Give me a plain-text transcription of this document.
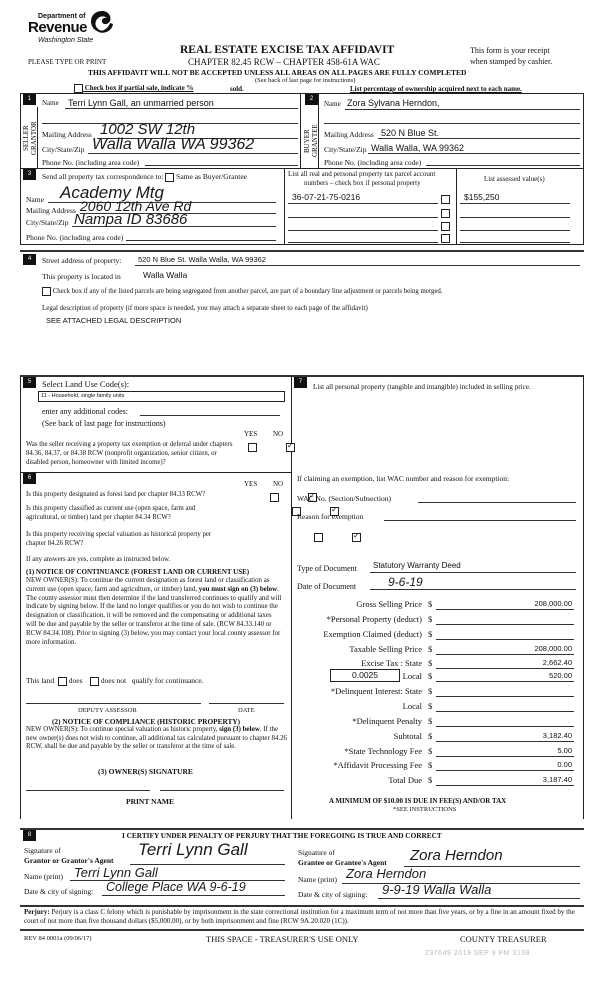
Department of
Revenue
Washington State
REAL ESTATE EXCISE TAX AFFIDAVIT
CHAPTER 82.45 RCW – CHAPTER 458-61A WAC
PLEASE TYPE OR PRINT
This form is your receipt
when stamped by cashier.
THIS AFFIDAVIT WILL NOT BE ACCEPTED UNLESS ALL AREAS ON ALL PAGES ARE FULLY COMPLETED
(See back of last page for instructions)
Check box if partial sale, indicate %	sold.	List percentage of ownership acquired next to each name.
1
SELLER GRANTOR
Name Terri Lynn Gall, an unmarried person
Mailing Address 1002 SW 12th
City/State/Zip Walla Walla WA 99362
Phone No. (including area code)
2
BUYER GRANTEE
Name Zora Sylvana Herndon,
Mailing Address 520 N Blue St.
City/State/Zip Walla Walla, WA 99362
Phone No. (including area code)
3	Send all property tax correspondence to: Same as Buyer/Grantee
Name Academy Mtg
Mailing Address 2060 12th Ave Rd
City/State/Zip Nampa ID 83686
Phone No. (including area code)
List all real and personal property tax parcel account
numbers – check box if personal property	List assessed value(s)
36-07-21-75-0216	$155,250
4	Street address of property: 520 N Blue St. Walla Walla, WA 99362
This property is located in	Walla Walla
Check box if any of the listed parcels are being segregated from another parcel, are part of a boundary line adjustment or parcels being merged.
Legal description of property (if more space is needed, you may attach a separate sheet to each page of the affidavit)
SEE ATTACHED LEGAL DESCRIPTION
5	Select Land Use Code(s):
11 - Household, single family units
enter any additional codes:
(See back of last page for instructions)
YES NO
Was the seller receiving a property tax exemption or deferral under chapters 84.36, 84.37, or 84.38 RCW (nonprofit organization, senior citizen, or disabled person, homeowner with limited income)?
✓
6
YES NO
Is this property designated as forest land per chapter 84.33 RCW?
✓
Is this property classified as current use (open space, farm and agricultural, or timber) land per chapter 84.34 RCW?
✓
Is this property receiving special valuation as historical property per chapter 84.26 RCW?
✓
If any answers are yes, complete as instructed below.
(1) NOTICE OF CONTINUANCE (FOREST LAND OR CURRENT USE)
NEW OWNER(S): To continue the current designation as forest land or classification as current use (open space, farm and agriculture, or timber) land, you must sign on (3) below. The county assessor must then determine if the land transferred continues to qualify and will indicate by signing below. If the land no longer qualifies or you do not wish to continue the designation or classification, it will be removed and the compensating or additional taxes will be due and payable by the seller or transferor at the time of sale. (RCW 84.33.140 or RCW 84.34.108). Prior to signing (3) below, you may contact your local county assessor for more information.
This land does does not qualify for continuance.
DEPUTY ASSESSOR	DATE
(2) NOTICE OF COMPLIANCE (HISTORIC PROPERTY)
NEW OWNER(S): To continue special valuation as historic property, sign (3) below. If the new owner(s) does not wish to continue, all additional tax calculated pursuant to chapter 84.26 RCW, shall be due and payable by the seller or transferor at the time of sale.
(3) OWNER(S) SIGNATURE
PRINT NAME
7
List all personal property (tangible and intangible) included in selling price.
If claiming an exemption, list WAC number and reason for exemption:
WAC No. (Section/Subsection)
Reason for exemption
Type of Document Statutory Warranty Deed
Date of Document	9-6-19
Gross Selling Price $	208,000.00
*Personal Property (deduct) $
Exemption Claimed (deduct) $
Taxable Selling Price $	208,000.00
Excise Tax : State $	2,662.40
0.0025	Local $	520.00
*Delinquent Interest: State $
Local $
*Delinquent Penalty $
Subtotal $	3,182.40
*State Technology Fee $	5.00
*Affidavit Processing Fee $	0.00
Total Due $	3,187.40
A MINIMUM OF $10.00 IS DUE IN FEE(S) AND/OR TAX
*SEE INSTRUCTIONS
8	I CERTIFY UNDER PENALTY OF PERJURY THAT THE FOREGOING IS TRUE AND CORRECT
Signature of
Grantor or Grantor's Agent
Terri Lynn Gall
Name (print) Terri Lynn Gall
Date & city of signing: College Place WA 9-6-19
Signature of
Grantee or Grantee's Agent Zora Herndon
Name (print) Zora Herndon
Date & city of signing: 9-9-19 Walla Walla
Perjury: Perjury is a class C felony which is punishable by imprisonment in the state correctional institution for a maximum term of not more than five years, or by a fine in an amount fixed by the court of not more than five thousand dollars ($5,000.00), or by both imprisonment and fine (RCW 9A.20.020 (1C)).
REV 84 0001a (09/06/17)	THIS SPACE - TREASURER'S USE ONLY	COUNTY TREASURER
237649 2019 SEP 9 PM 3138
